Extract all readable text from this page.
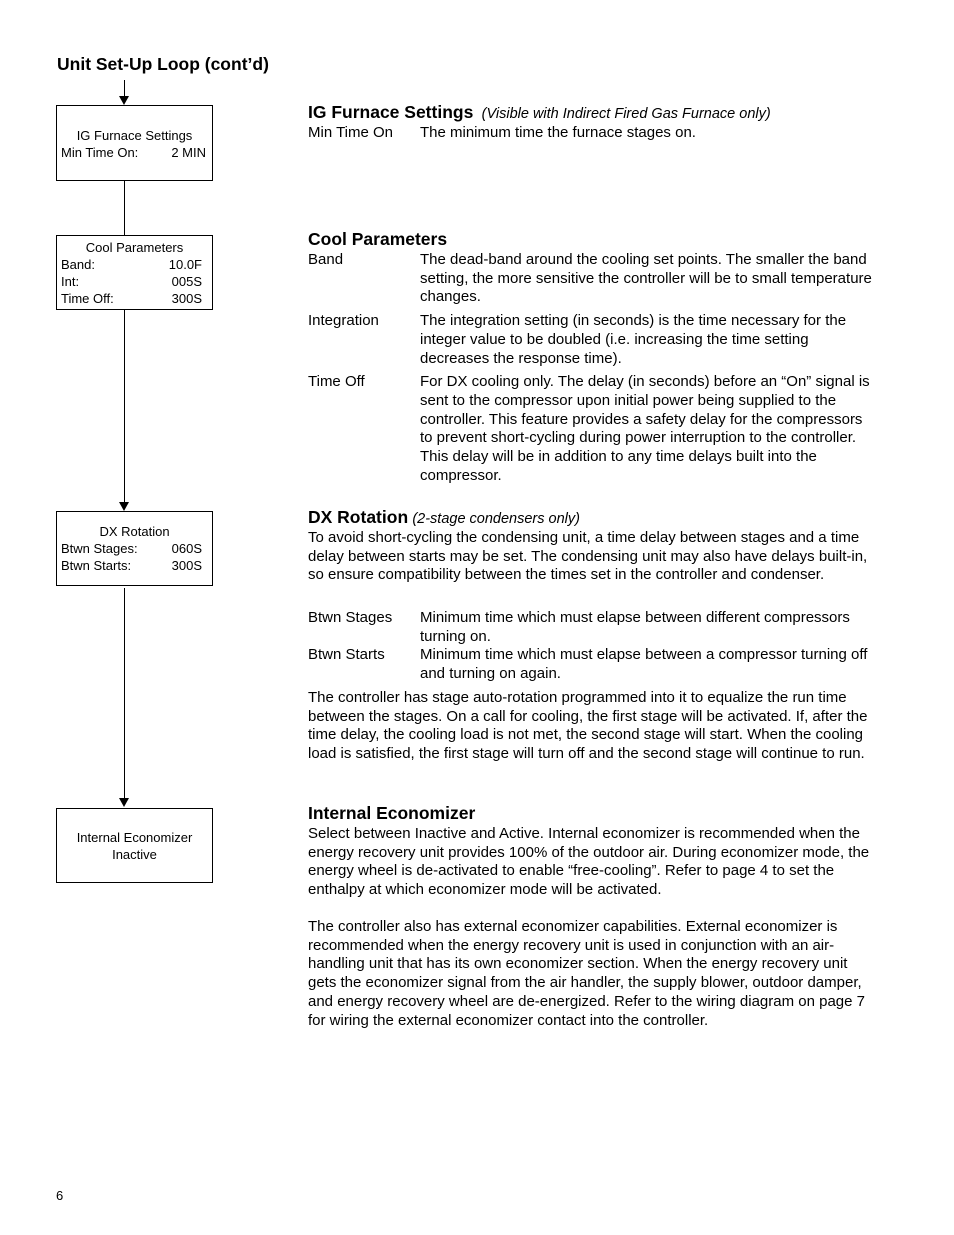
Unit Set-Up Loop (cont’d)
IG Furnace Settings
Min Time On:	2 MIN
Cool Parameters
Band:	10.0F
Int:	005S
Time Off:	300S
DX Rotation
Btwn Stages:	060S
Btwn Starts:	300S
Internal Economizer
Inactive
IG Furnace Settings (Visible with Indirect Fired Gas Furnace only)
Min Time On	The minimum time the furnace stages on.
Cool Parameters
Band	The dead-band around the cooling set points. The smaller the band setting, the more sensitive the controller will be to small temperature changes.
Integration	The integration setting (in seconds) is the time necessary for the integer value to be doubled (i.e. increasing the time setting decreases the response time).
Time Off	For DX cooling only. The delay (in seconds) before an “On” signal is sent to the compressor upon initial power being supplied to the controller. This feature provides a safety delay for the compressors to prevent short-cycling during power interruption to the controller. This delay will be in addition to any time delays built into the compressor.
DX Rotation (2-stage condensers only)
To avoid short-cycling the condensing unit, a time delay between stages and a time delay between starts may be set. The condensing unit may also have delays built-in, so ensure compatibility between the times set in the controller and condenser.
Btwn Stages	Minimum time which must elapse between different compressors turning on.
Btwn Starts	Minimum time which must elapse between a compressor turning off and turning on again.
The controller has stage auto-rotation programmed into it to equalize the run time between the stages. On a call for cooling, the first stage will be activated. If, after the time delay, the cooling load is not met, the second stage will start. When the cooling load is satisfied, the first stage will turn off and the second stage will continue to run.
Internal Economizer
Select between Inactive and Active. Internal economizer is recommended when the energy recovery unit provides 100% of the outdoor air. During economizer mode, the energy wheel is de-activated to enable “free-cooling”. Refer to page 4 to set the enthalpy at which economizer mode will be activated.
The controller also has external economizer capabilities. External economizer is recommended when the energy recovery unit is used in conjunction with an air-handling unit that has its own economizer section. When the energy recovery unit gets the economizer signal from the air handler, the supply blower, outdoor damper, and energy recovery wheel are de-energized. Refer to the wiring diagram on page 7 for wiring the external economizer contact into the controller.
6
